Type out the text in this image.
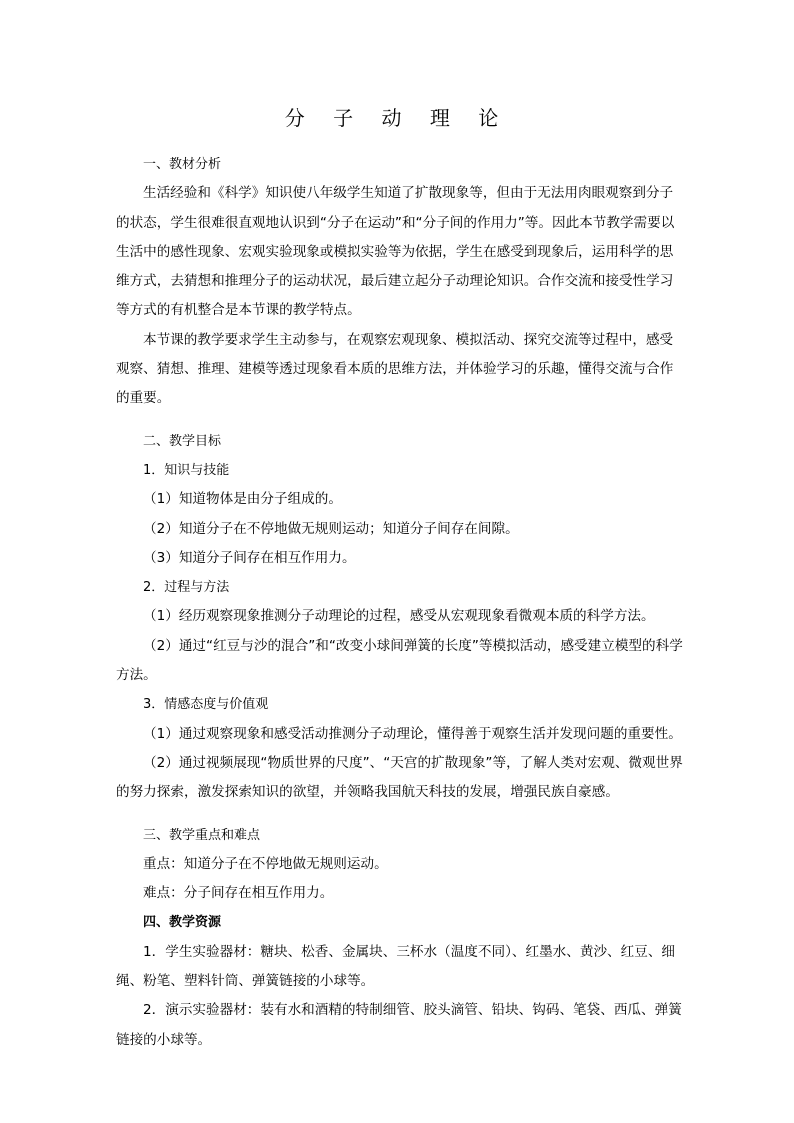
分 子 动 理 论

一、教材分析

生活经验和《科学》知识使八年级学生知道了扩散现象等，但由于无法用肉眼观察到分子的状态，学生很难很直观地认识到“分子在运动”和“分子间的作用力”等。因此本节教学需要以生活中的感性现象、宏观实验现象或模拟实验等为依据，学生在感受到现象后，运用科学的思维方式，去猜想和推理分子的运动状况，最后建立起分子动理论知识。合作交流和接受性学习等方式的有机整合是本节课的教学特点。

本节课的教学要求学生主动参与，在观察宏观现象、模拟活动、探究交流等过程中，感受观察、猜想、推理、建模等透过现象看本质的思维方法，并体验学习的乐趣，懂得交流与合作的重要。

二、教学目标

1．知识与技能

（1）知道物体是由分子组成的。

（2）知道分子在不停地做无规则运动；知道分子间存在间隙。

（3）知道分子间存在相互作用力。

2．过程与方法

（1）经历观察现象推测分子动理论的过程，感受从宏观现象看微观本质的科学方法。

（2）通过“红豆与沙的混合”和“改变小球间弹簧的长度”等模拟活动，感受建立模型的科学方法。

3．情感态度与价值观

（1）通过观察现象和感受活动推测分子动理论，懂得善于观察生活并发现问题的重要性。

（2）通过视频展现“物质世界的尺度”、“天宫的扩散现象”等，了解人类对宏观、微观世界的努力探索，激发探索知识的欲望，并领略我国航天科技的发展，增强民族自豪感。

三、教学重点和难点

重点：知道分子在不停地做无规则运动。

难点：分子间存在相互作用力。

四、教学资源

1．学生实验器材：糖块、松香、金属块、三杯水（温度不同）、红墨水、黄沙、红豆、细绳、粉笔、塑料针筒、弹簧链接的小球等。

2．演示实验器材：装有水和酒精的特制细管、胶头滴管、铅块、钩码、笔袋、西瓜、弹簧链接的小球等。
